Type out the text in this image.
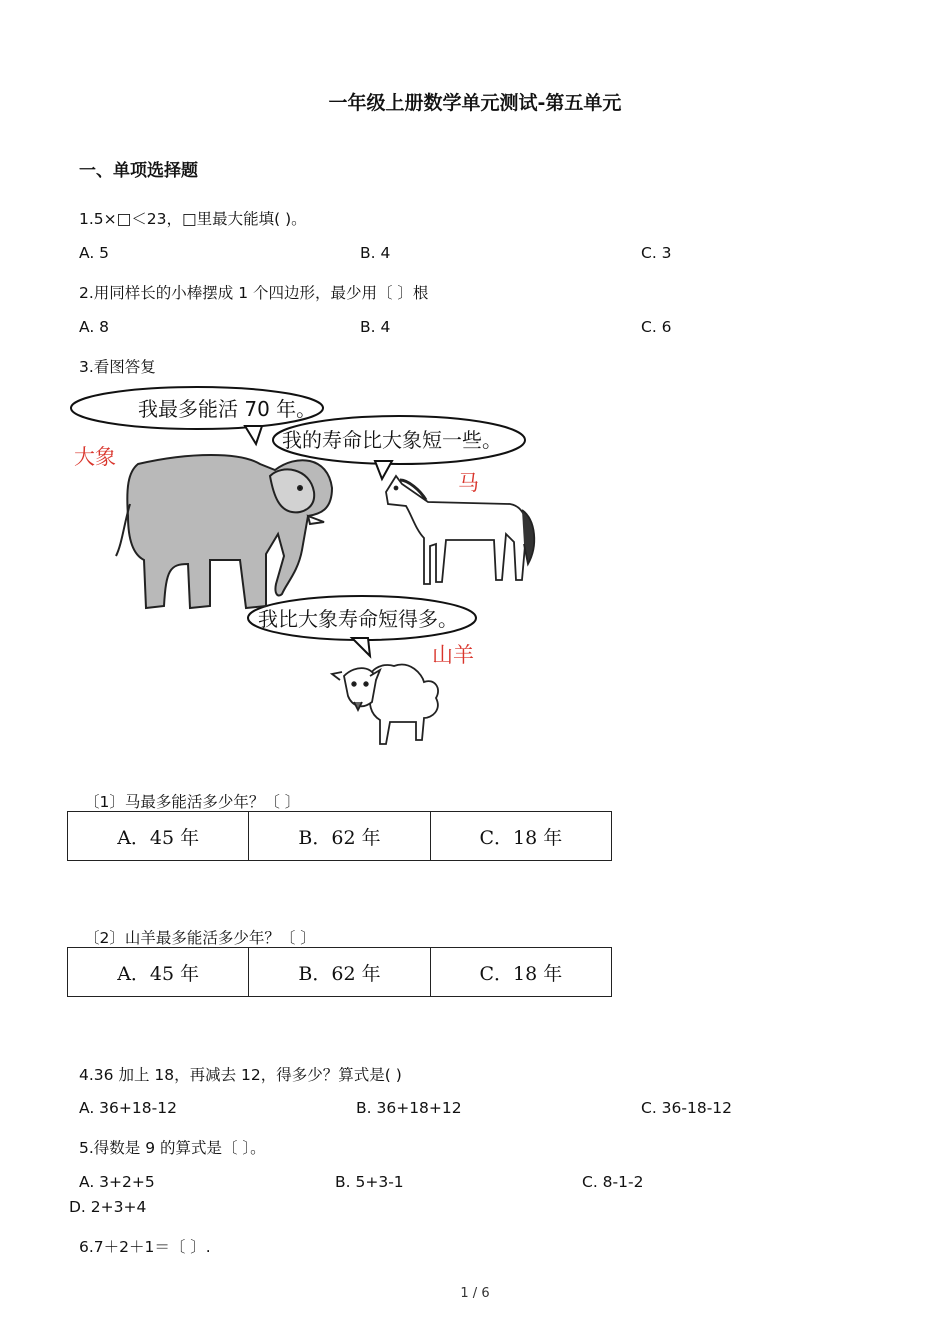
一年级上册数学单元测试-第五单元
一、单项选择题
1.5×□＜23，□里最大能填( )。
A. 5	B. 4	C. 3
2.用同样长的小棒摆成 1 个四边形，最少用〔 〕根
A. 8	B. 4	C. 6
3.看图答复
我最多能活 70 年。
我的寿命比大象短一些。
我比大象寿命短得多。
大象
马
山羊
〔1〕马最多能活多少年？〔 〕
A．45 年	B．62 年	C．18 年
〔2〕山羊最多能活多少年？〔 〕
A．45 年	B．62 年	C．18 年
4.36 加上 18，再减去 12，得多少？算式是( )
A. 36+18-12	B. 36+18+12	C. 36-18-12
5.得数是 9 的算式是〔 〕。
A. 3+2+5	B. 5+3-1	C. 8-1-2
D. 2+3+4
6.7＋2＋1＝〔 〕.
1 / 6
